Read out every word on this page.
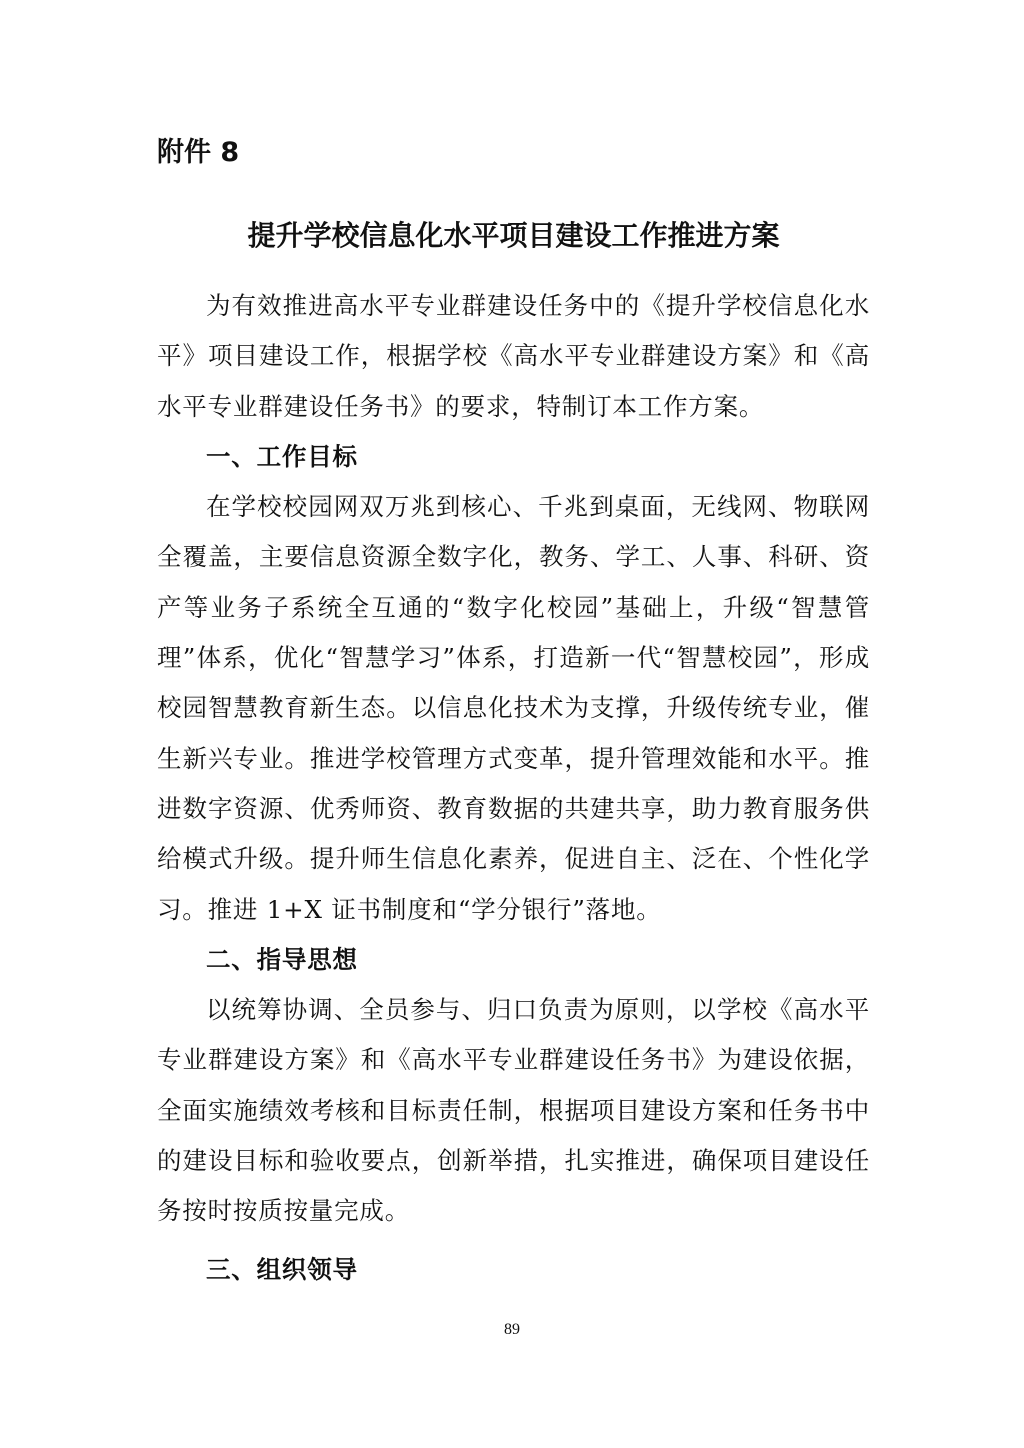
附件 8

提升学校信息化水平项目建设工作推进方案

为有效推进高水平专业群建设任务中的《提升学校信息化水平》项目建设工作，根据学校《高水平专业群建设方案》和《高水平专业群建设任务书》的要求，特制订本工作方案。

一、工作目标

在学校校园网双万兆到核心、千兆到桌面，无线网、物联网全覆盖，主要信息资源全数字化，教务、学工、人事、科研、资产等业务子系统全互通的“数字化校园”基础上，升级“智慧管理”体系，优化“智慧学习”体系，打造新一代“智慧校园”，形成校园智慧教育新生态。以信息化技术为支撑，升级传统专业，催生新兴专业。推进学校管理方式变革，提升管理效能和水平。推进数字资源、优秀师资、教育数据的共建共享，助力教育服务供给模式升级。提升师生信息化素养，促进自主、泛在、个性化学习。推进 1+X 证书制度和“学分银行”落地。

二、指导思想

以统筹协调、全员参与、归口负责为原则，以学校《高水平专业群建设方案》和《高水平专业群建设任务书》为建设依据，全面实施绩效考核和目标责任制，根据项目建设方案和任务书中的建设目标和验收要点，创新举措，扎实推进，确保项目建设任务按时按质按量完成。

三、组织领导

89
